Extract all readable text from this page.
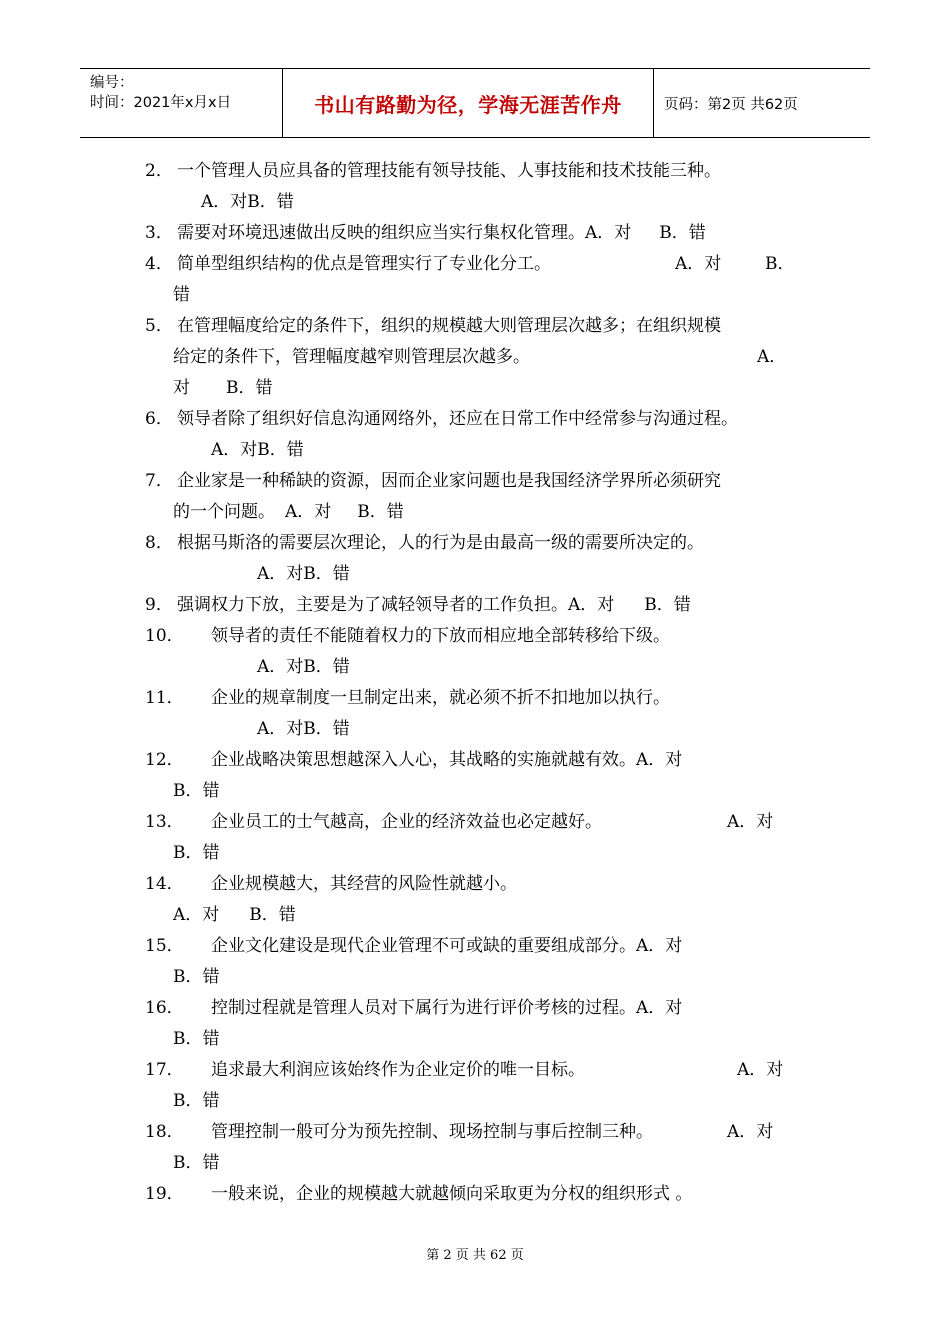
编号：
时间：2021年x月x日	书山有路勤为径，学海无涯苦作舟	页码：第2页 共62页
2． 一个管理人员应具备的管理技能有领导技能、人事技能和技术技能三种。
A．对B．错
3． 需要对环境迅速做出反映的组织应当实行集权化管理。A．对 B．错
4． 简单型组织结构的优点是管理实行了专业化分工。	A．对	B．
错
5． 在管理幅度给定的条件下，组织的规模越大则管理层次越多；在组织规模
给定的条件下，管理幅度越窄则管理层次越多。	A．
对 B．错
6． 领导者除了组织好信息沟通网络外，还应在日常工作中经常参与沟通过程。
A．对B．错
7． 企业家是一种稀缺的资源，因而企业家问题也是我国经济学界所必须研究
的一个问题。 A．对 B．错
8． 根据马斯洛的需要层次理论，人的行为是由最高一级的需要所决定的。
A．对B．错
9． 强调权力下放，主要是为了减轻领导者的工作负担。A．对 B．错
10． 领导者的责任不能随着权力的下放而相应地全部转移给下级。
A．对B．错
11． 企业的规章制度一旦制定出来，就必须不折不扣地加以执行。
A．对B．错
12． 企业战略决策思想越深入人心，其战略的实施就越有效。A．对
B．错
13． 企业员工的士气越高，企业的经济效益也必定越好。	A．对
B．错
14． 企业规模越大，其经营的风险性就越小。
A．对 B．错
15． 企业文化建设是现代企业管理不可或缺的重要组成部分。A．对
B．错
16． 控制过程就是管理人员对下属行为进行评价考核的过程。A．对
B．错
17． 追求最大利润应该始终作为企业定价的唯一目标。	A．对
B．错
18． 管理控制一般可分为预先控制、现场控制与事后控制三种。	A．对
B．错
19． 一般来说，企业的规模越大就越倾向采取更为分权的组织形式 。
第 2 页 共 62 页
